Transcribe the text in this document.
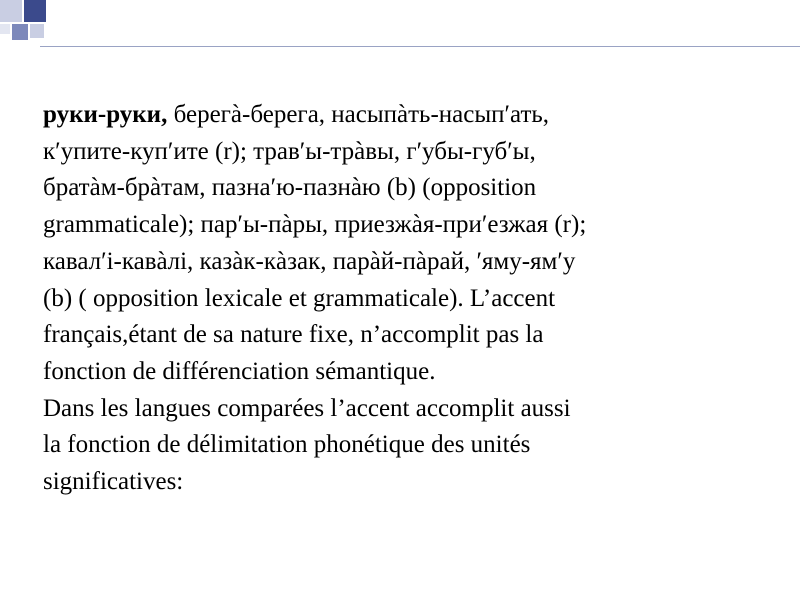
руки-руки, берегà-берега, насыпàть-насып′ать,
к′упите-куп′ите (r); трав′ы-трàвы, г′убы-губ′ы,
братàм-брàтам, пазна′ю-пазнàю (b) (opposition
grammaticale); пар′ы-пàры, приезжàя-при′езжая (r);
кавал′і-кавàлі, казàк-кàзак, парàй-пàрай, ′яму-ям′у
(b) ( opposition lexicale et grammaticale). L’accent
français,étant de sa nature fixe, n’accomplit pas la
fonction de différenciation sémantique.
Dans les langues comparées l’accent accomplit aussi
la fonction de délimitation phonétique des unités
significatives:
